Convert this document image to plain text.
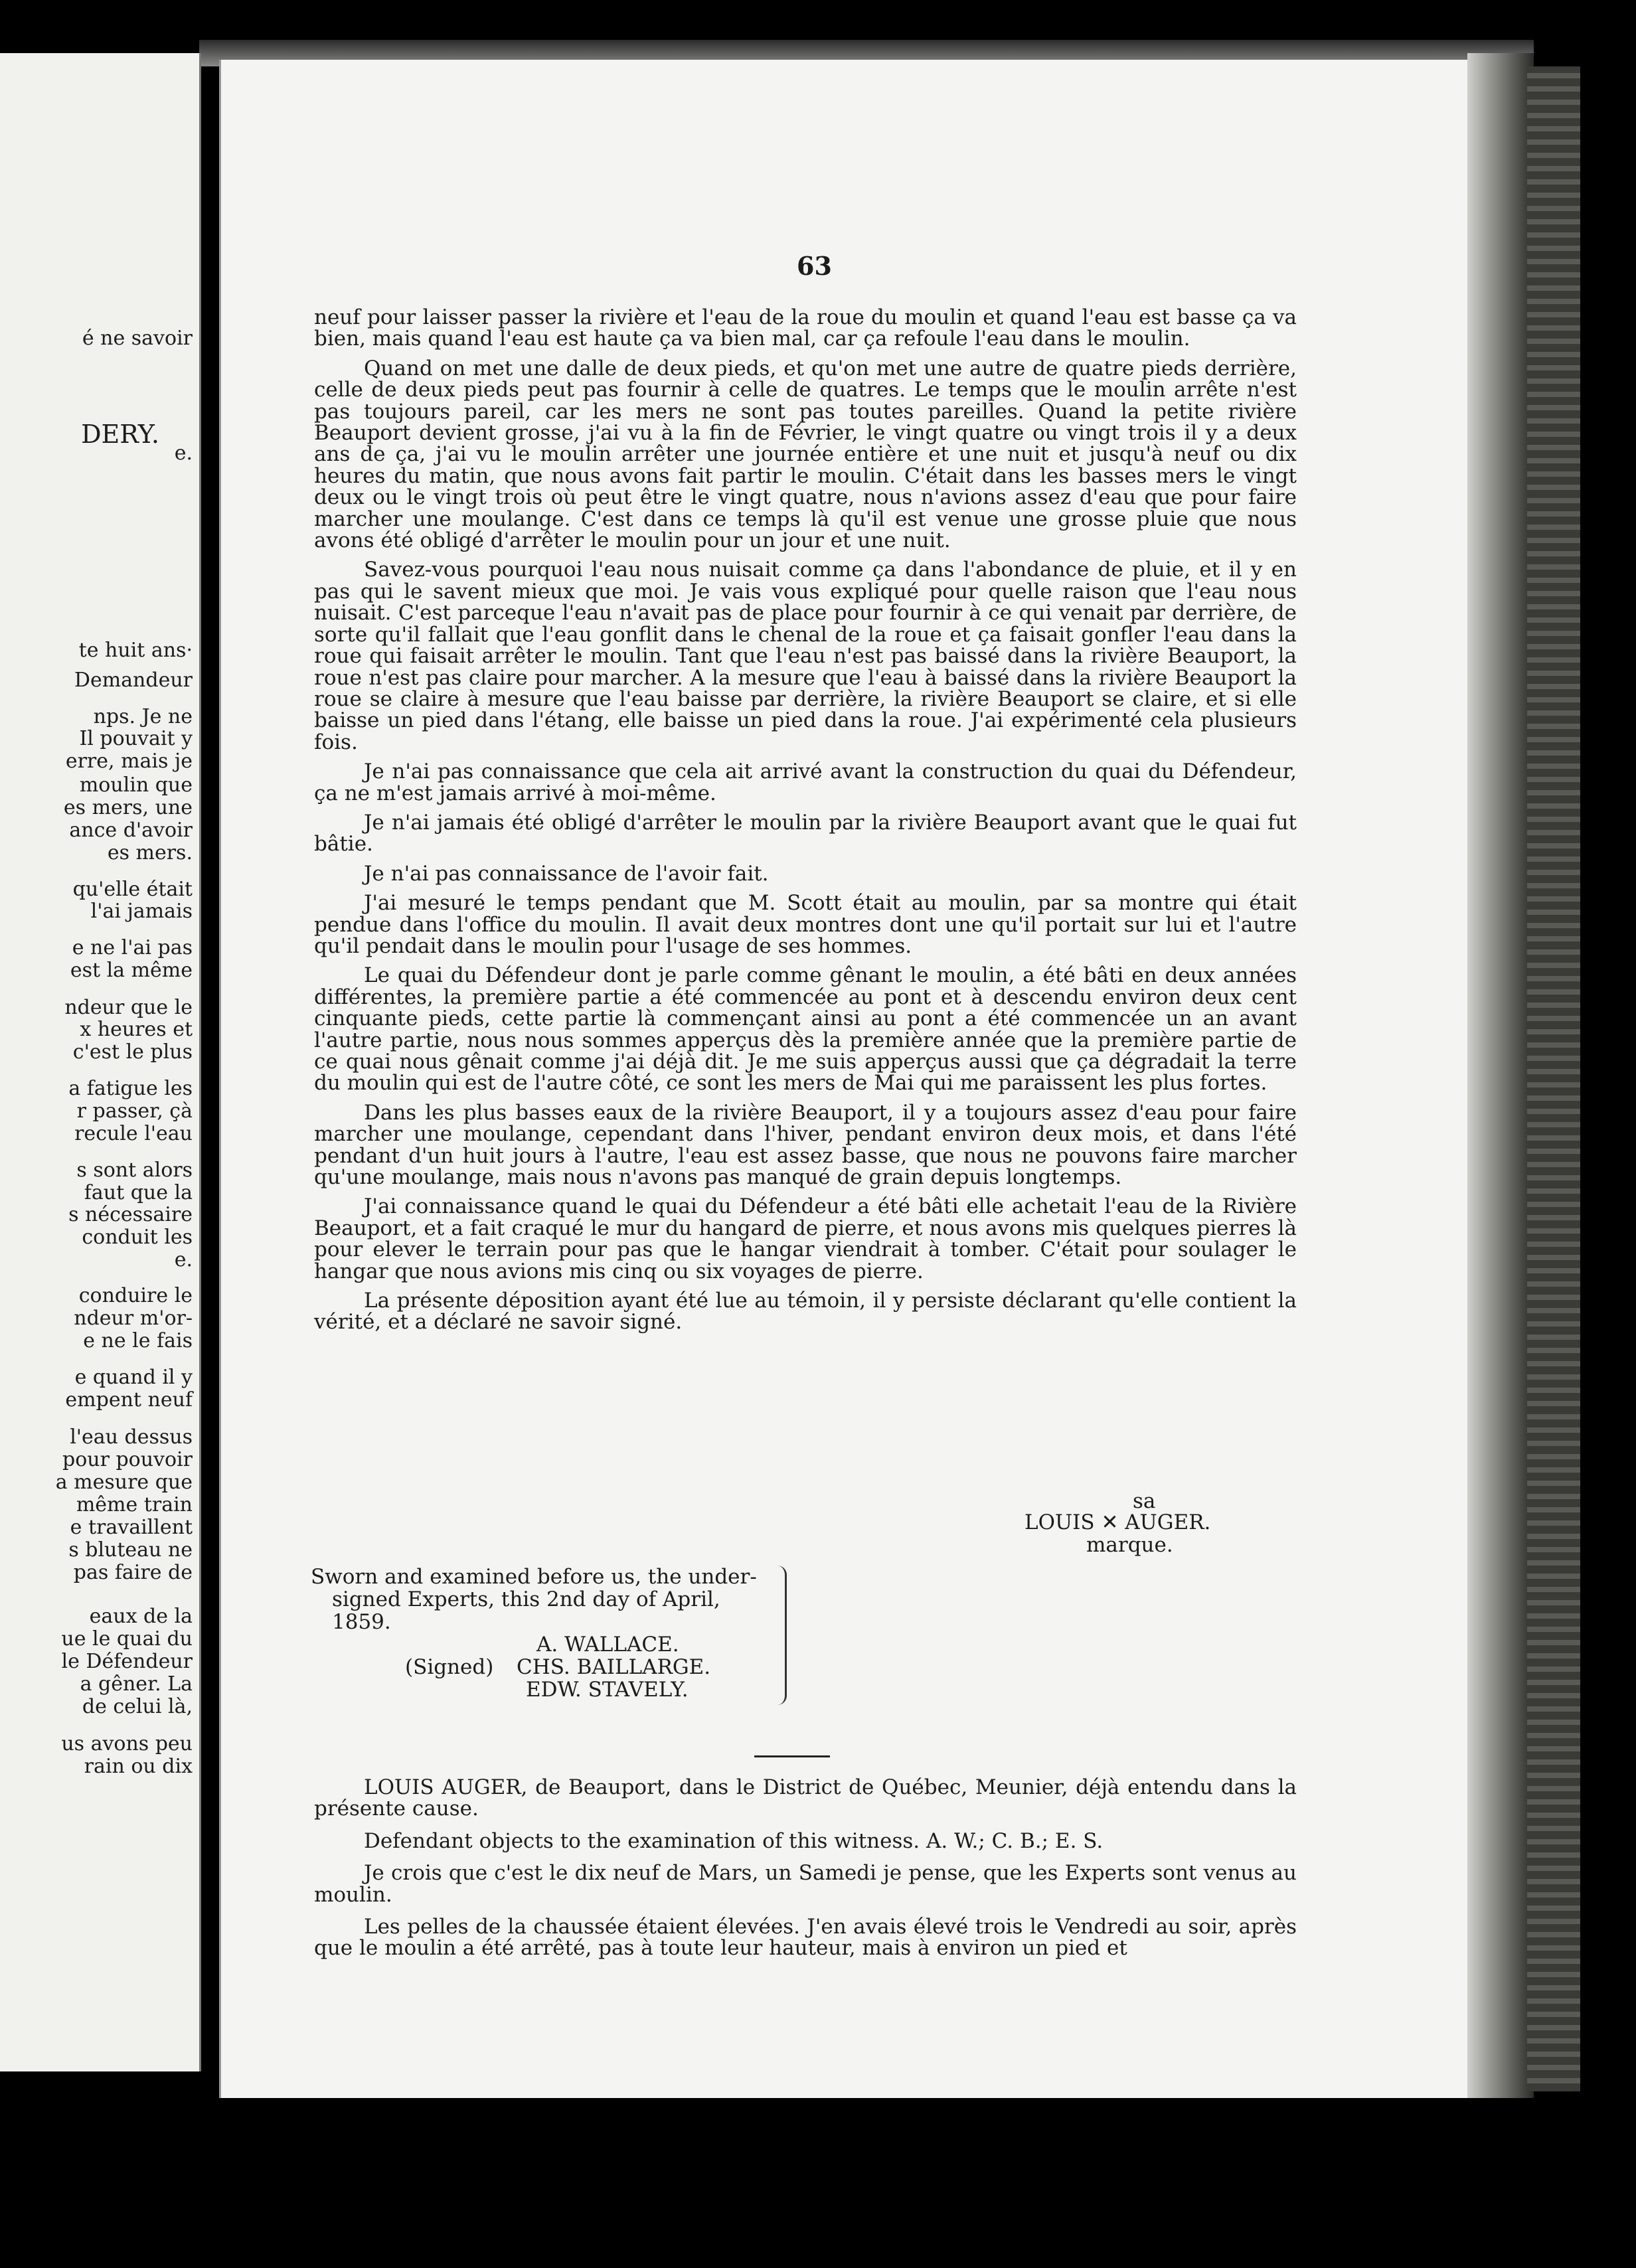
é ne savoir
DERY.
e.
te huit ans·
Demandeur
nps. Je ne
Il pouvait y
erre, mais je
moulin que
es mers, une
ance d'avoir
es mers.
qu'elle était
l'ai jamais
e ne l'ai pas
est la même
ndeur que le
x heures et
c'est le plus
a fatigue les
r passer, çà
recule l'eau
s sont alors
faut que la
s nécessaire
conduit les
e.
conduire le
ndeur m'or-
e ne le fais
e quand il y
empent neuf
l'eau dessus
pour pouvoir
a mesure que
même train
e travaillent
s bluteau ne
pas faire de
eaux de la
ue le quai du
le Défendeur
a gêner. La
de celui là,
us avons peu
rain ou dix
63

neuf pour laisser passer la rivière et l'eau de la roue du moulin et quand l'eau est basse ça va bien, mais quand l'eau est haute ça va bien mal, car ça refoule l'eau dans le moulin.

Quand on met une dalle de deux pieds, et qu'on met une autre de quatre pieds derrière, celle de deux pieds peut pas fournir à celle de quatres. Le temps que le moulin arrête n'est pas toujours pareil, car les mers ne sont pas toutes pareilles. Quand la petite rivière Beauport devient grosse, j'ai vu à la fin de Février, le vingt quatre ou vingt trois il y a deux ans de ça, j'ai vu le moulin arrêter une journée entière et une nuit et jusqu'à neuf ou dix heures du matin, que nous avons fait partir le moulin. C'était dans les basses mers le vingt deux ou le vingt trois où peut être le vingt quatre, nous n'avions assez d'eau que pour faire marcher une moulange. C'est dans ce temps là qu'il est venue une grosse pluie que nous avons été obligé d'arrêter le moulin pour un jour et une nuit.

Savez-vous pourquoi l'eau nous nuisait comme ça dans l'abondance de pluie, et il y en pas qui le savent mieux que moi. Je vais vous expliqué pour quelle raison que l'eau nous nuisait. C'est parceque l'eau n'avait pas de place pour fournir à ce qui venait par derrière, de sorte qu'il fallait que l'eau gonflit dans le chenal de la roue et ça faisait gonfler l'eau dans la roue qui faisait arrêter le moulin. Tant que l'eau n'est pas baissé dans la rivière Beauport, la roue n'est pas claire pour marcher. A la mesure que l'eau à baissé dans la rivière Beauport la roue se claire à mesure que l'eau baisse par derrière, la rivière Beauport se claire, et si elle baisse un pied dans l'étang, elle baisse un pied dans la roue. J'ai expérimenté cela plusieurs fois.

Je n'ai pas connaissance que cela ait arrivé avant la construction du quai du Défendeur, ça ne m'est jamais arrivé à moi-même.

Je n'ai jamais été obligé d'arrêter le moulin par la rivière Beauport avant que le quai fut bâtie.

Je n'ai pas connaissance de l'avoir fait.

J'ai mesuré le temps pendant que M. Scott était au moulin, par sa montre qui était pendue dans l'office du moulin. Il avait deux montres dont une qu'il portait sur lui et l'autre qu'il pendait dans le moulin pour l'usage de ses hommes.

Le quai du Défendeur dont je parle comme gênant le moulin, a été bâti en deux années différentes, la première partie a été commencée au pont et à descendu environ deux cent cinquante pieds, cette partie là commençant ainsi au pont a été commencée un an avant l'autre partie, nous nous sommes apperçus dès la première année que la première partie de ce quai nous gênait comme j'ai déjà dit. Je me suis apperçus aussi que ça dégradait la terre du moulin qui est de l'autre côté, ce sont les mers de Mai qui me paraissent les plus fortes.

Dans les plus basses eaux de la rivière Beauport, il y a toujours assez d'eau pour faire marcher une moulange, cependant dans l'hiver, pendant environ deux mois, et dans l'été pendant d'un huit jours à l'autre, l'eau est assez basse, que nous ne pouvons faire marcher qu'une moulange, mais nous n'avons pas manqué de grain depuis longtemps.

J'ai connaissance quand le quai du Défendeur a été bâti elle achetait l'eau de la Rivière Beauport, et a fait craqué le mur du hangard de pierre, et nous avons mis quelques pierres là pour elever le terrain pour pas que le hangar viendrait à tomber. C'était pour soulager le hangar que nous avions mis cinq ou six voyages de pierre.

La présente déposition ayant été lue au témoin, il y persiste déclarant qu'elle contient la vérité, et a déclaré ne savoir signé.

sa
LOUIS ✕ AUGER.
marque.
Sworn and examined before us, the under-
signed Experts, this 2nd day of April,
1859.
(Signed)
A. WALLACE.
CHS. BAILLARGE.
EDW. STAVELY.

LOUIS AUGER, de Beauport, dans le District de Québec, Meunier, déjà entendu dans la présente cause.

Defendant objects to the examination of this witness. A. W.; C. B.; E. S.

Je crois que c'est le dix neuf de Mars, un Samedi je pense, que les Experts sont venus au moulin.

Les pelles de la chaussée étaient élevées. J'en avais élevé trois le Vendredi au soir, après que le moulin a été arrêté, pas à toute leur hauteur, mais à environ un pied et
